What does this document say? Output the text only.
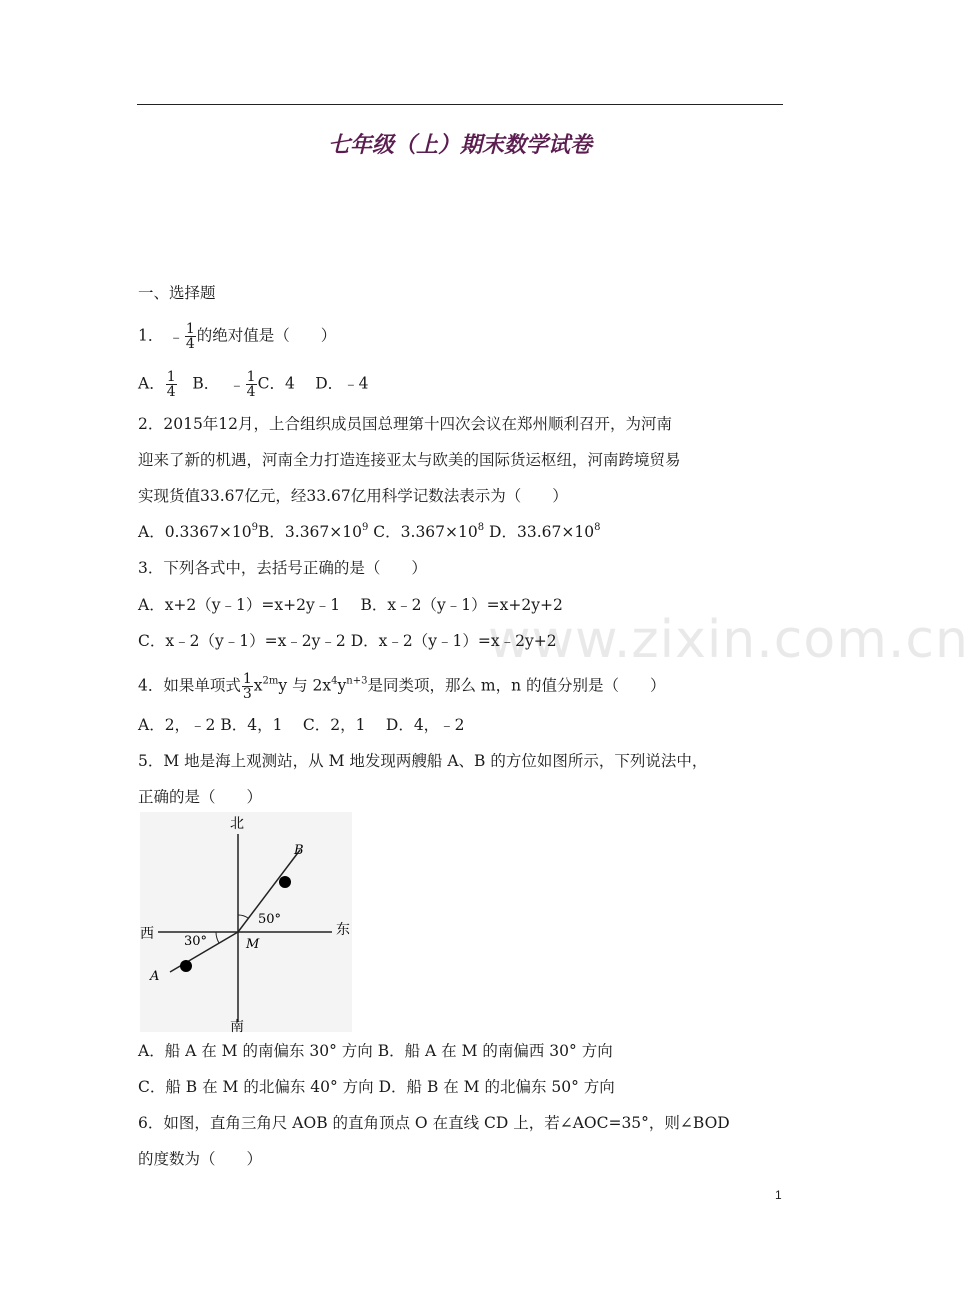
七年级（上）期末数学试卷
www.zixin.com.cn
一、选择题
1． ﹣ $\frac{1}{4}$ 的绝对值是（　　）
A． $\frac{1}{4}$ B． ﹣ $\frac{1}{4}$ C．4　 D．﹣4
2．2015年12月，上合组织成员国总理第十四次会议在郑州顺利召开，为河南
迎来了新的机遇，河南全力打造连接亚太与欧美的国际货运枢纽，河南跨境贸易
实现货值33.67亿元，经33.67亿用科学记数法表示为（　　）
A．$0.3367\times 10^9B$．$3.367\times 10^9$ C．$3.367\times 10^8$ D．$33.67\times 10^8$
3．下列各式中，去括号正确的是（　　）
A．x+2（y﹣1）=x+2y﹣1　 B．x﹣2（y﹣1）=x+2y+2
C．x﹣2（y﹣1）=x﹣2y﹣2 D．x﹣2（y﹣1）=x﹣2y+2
4．如果单项式 $\frac{1}{3} x^{2m}y$ 与 $2x^4y^{n+3}$是同类项，那么 m，n 的值分别是（　　）
A．2，﹣2 B．4，1　 C．2，1　 D．4，﹣2
5．M 地是海上观测站，从 M 地发现两艘船 A、B 的方位如图所示，下列说法中，
正确的是（　　）
北
南
西	东
B
A
M
30°
50°
A．船 A 在 M 的南偏东 30° 方向 B．船 A 在 M 的南偏西 30° 方向
C．船 B 在 M 的北偏东 40° 方向 D．船 B 在 M 的北偏东 50° 方向
6．如图，直角三角尺 AOB 的直角顶点 O 在直线 CD 上，若∠AOC=35°，则∠BOD
的度数为（　　）
1
